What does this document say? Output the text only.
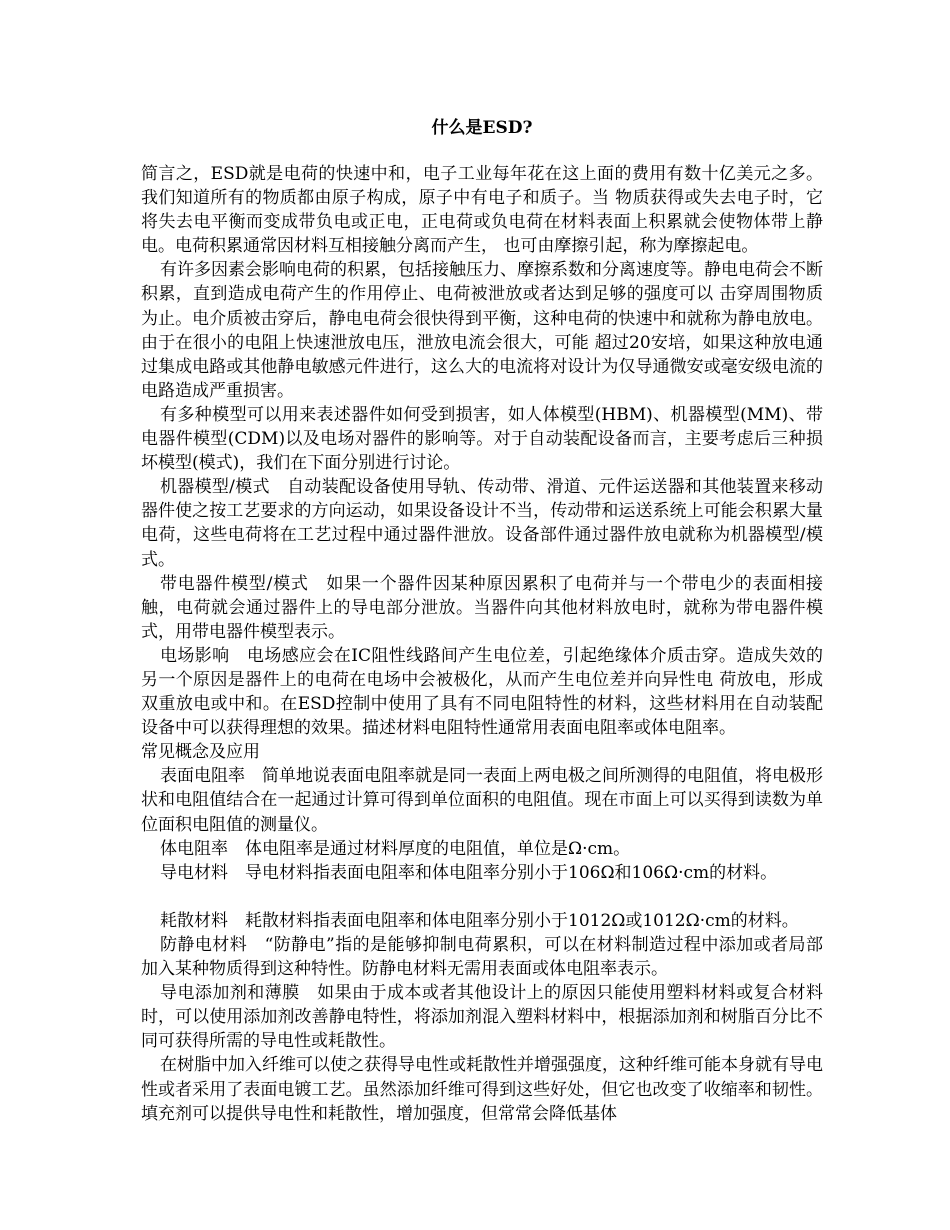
什么是ESD?

简言之，ESD就是电荷的快速中和，电子工业每年花在这上面的费用有数十亿美元之多。我们知道所有的物质都由原子构成，原子中有电子和质子。当 物质获得或失去电子时，它将失去电平衡而变成带负电或正电，正电荷或负电荷在材料表面上积累就会使物体带上静电。电荷积累通常因材料互相接触分离而产生， 也可由摩擦引起，称为摩擦起电。

有许多因素会影响电荷的积累，包括接触压力、摩擦系数和分离速度等。静电电荷会不断积累，直到造成电荷产生的作用停止、电荷被泄放或者达到足够的强度可以 击穿周围物质为止。电介质被击穿后，静电电荷会很快得到平衡，这种电荷的快速中和就称为静电放电。由于在很小的电阻上快速泄放电压，泄放电流会很大，可能 超过20安培，如果这种放电通过集成电路或其他静电敏感元件进行，这么大的电流将对设计为仅导通微安或毫安级电流的电路造成严重损害。

有多种模型可以用来表述器件如何受到损害，如人体模型(HBM)、机器模型(MM)、带电器件模型(CDM)以及电场对器件的影响等。对于自动装配设备而言，主要考虑后三种损坏模型(模式)，我们在下面分别进行讨论。

机器模型/模式　自动装配设备使用导轨、传动带、滑道、元件运送器和其他装置来移动器件使之按工艺要求的方向运动，如果设备设计不当，传动带和运送系统上可能会积累大量电荷，这些电荷将在工艺过程中通过器件泄放。设备部件通过器件放电就称为机器模型/模式。

带电器件模型/模式　如果一个器件因某种原因累积了电荷并与一个带电少的表面相接触，电荷就会通过器件上的导电部分泄放。当器件向其他材料放电时，就称为带电器件模式，用带电器件模型表示。

电场影响　电场感应会在IC阻性线路间产生电位差，引起绝缘体介质击穿。造成失效的另一个原因是器件上的电荷在电场中会被极化，从而产生电位差并向异性电 荷放电，形成双重放电或中和。在ESD控制中使用了具有不同电阻特性的材料，这些材料用在自动装配设备中可以获得理想的效果。描述材料电阻特性通常用表面电阻率或体电阻率。

常见概念及应用

表面电阻率　简单地说表面电阻率就是同一表面上两电极之间所测得的电阻值，将电极形状和电阻值结合在一起通过计算可得到单位面积的电阻值。现在市面上可以买得到读数为单位面积电阻值的测量仪。

体电阻率　体电阻率是通过材料厚度的电阻值，单位是Ω·cm。

导电材料　导电材料指表面电阻率和体电阻率分别小于106Ω和106Ω·cm的材料。

耗散材料　耗散材料指表面电阻率和体电阻率分别小于1012Ω或1012Ω·cm的材料。

防静电材料　“防静电”指的是能够抑制电荷累积，可以在材料制造过程中添加或者局部加入某种物质得到这种特性。防静电材料无需用表面或体电阻率表示。

导电添加剂和薄膜　如果由于成本或者其他设计上的原因只能使用塑料材料或复合材料时，可以使用添加剂改善静电特性，将添加剂混入塑料材料中，根据添加剂和树脂百分比不同可获得所需的导电性或耗散性。

在树脂中加入纤维可以使之获得导电性或耗散性并增强强度，这种纤维可能本身就有导电性或者采用了表面电镀工艺。虽然添加纤维可得到这些好处，但它也改变了收缩率和韧性。填充剂可以提供导电性和耗散性，增加强度，但常常会降低基体
